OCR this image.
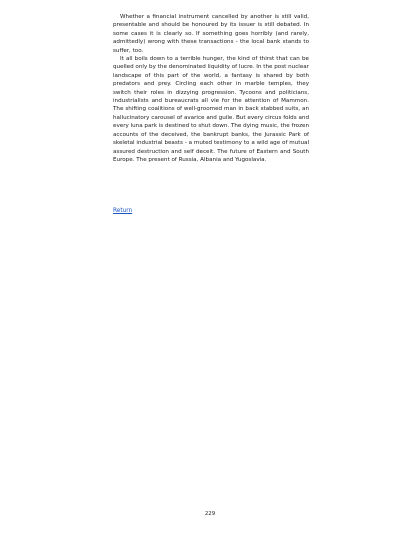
Whether a financial instrument cancelled by another is still valid, presentable and should be honoured by its issuer is still debated. In some cases it is clearly so. If something goes horribly (and rarely, admittedly) wrong with these transactions - the local bank stands to suffer, too.

It all boils down to a terrible hunger, the kind of thirst that can be quelled only by the denominated liquidity of lucre. In the post nuclear landscape of this part of the world, a fantasy is shared by both predators and prey. Circling each other in marble temples, they switch their roles in dizzying progression. Tycoons and politicians, industrialists and bureaucrats all vie for the attention of Mammon. The shifting coalitions of well-groomed man in back stabbed suits, an hallucinatory carousel of avarice and guile. But every circus folds and every luna park is destined to shut down. The dying music, the frozen accounts of the deceived, the bankrupt banks, the Jurassic Park of skeletal industrial beasts - a muted testimony to a wild age of mutual assured destruction and self deceit. The future of Eastern and South Europe. The present of Russia, Albania and Yugoslavia.

Return
229
